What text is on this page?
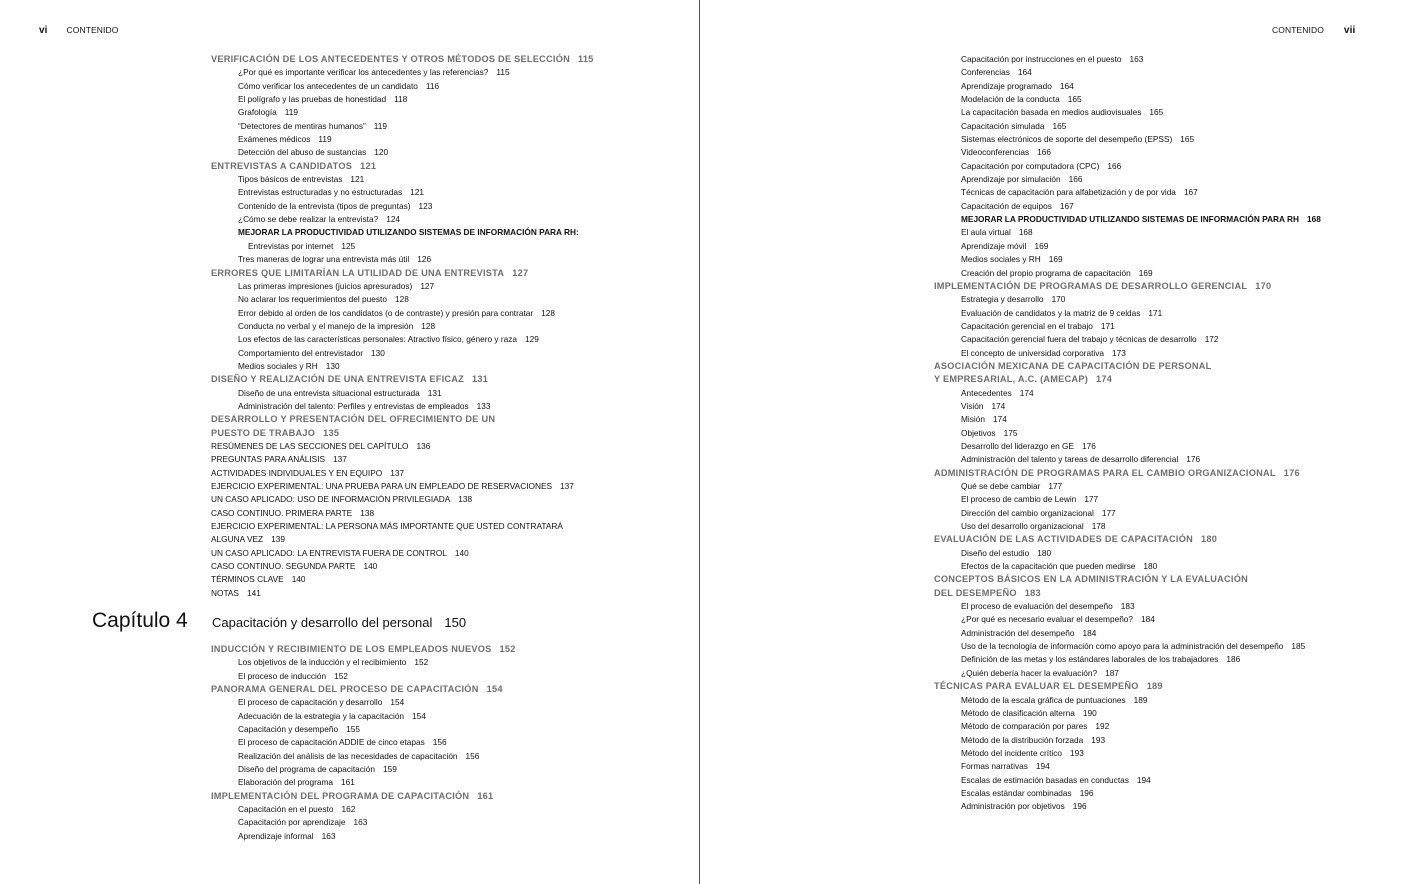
vi CONTENIDO
VERIFICACIÓN DE LOS ANTECEDENTES Y OTROS MÉTODOS DE SELECCIÓN 115
¿Por qué es importante verificar los antecedentes y las referencias? 115
Cómo verificar los antecedentes de un candidato 116
El polígrafo y las pruebas de honestidad 118
Grafología 119
“Detectores de mentiras humanos” 119
Exámenes médicos 119
Detección del abuso de sustancias 120
ENTREVISTAS A CANDIDATOS 121
Tipos básicos de entrevistas 121
Entrevistas estructuradas y no estructuradas 121
Contenido de la entrevista (tipos de preguntas) 123
¿Cómo se debe realizar la entrevista? 124
MEJORAR LA PRODUCTIVIDAD UTILIZANDO SISTEMAS DE INFORMACIÓN PARA RH:
Entrevistas por internet 125
Tres maneras de lograr una entrevista más útil 126
ERRORES QUE LIMITARÍAN LA UTILIDAD DE UNA ENTREVISTA 127
Las primeras impresiones (juicios apresurados) 127
No aclarar los requerimientos del puesto 128
Error debido al orden de los candidatos (o de contraste) y presión para contratar 128
Conducta no verbal y el manejo de la impresión 128
Los efectos de las características personales: Atractivo físico, género y raza 129
Comportamiento del entrevistador 130
Medios sociales y RH 130
DISEÑO Y REALIZACIÓN DE UNA ENTREVISTA EFICAZ 131
Diseño de una entrevista situacional estructurada 131
Administración del talento: Perfiles y entrevistas de empleados 133
DESARROLLO Y PRESENTACIÓN DEL OFRECIMIENTO DE UN
PUESTO DE TRABAJO 135
RESÚMENES DE LAS SECCIONES DEL CAPÍTULO 136
PREGUNTAS PARA ANÁLISIS 137
ACTIVIDADES INDIVIDUALES Y EN EQUIPO 137
EJERCICIO EXPERIMENTAL: UNA PRUEBA PARA UN EMPLEADO DE RESERVACIONES 137
UN CASO APLICADO: USO DE INFORMACIÓN PRIVILEGIADA 138
CASO CONTINUO. PRIMERA PARTE 138
EJERCICIO EXPERIMENTAL: LA PERSONA MÁS IMPORTANTE QUE USTED CONTRATARÁ
ALGUNA VEZ 139
UN CASO APLICADO: LA ENTREVISTA FUERA DE CONTROL 140
CASO CONTINUO. SEGUNDA PARTE 140
TÉRMINOS CLAVE 140
NOTAS 141
Capítulo 4 Capacitación y desarrollo del personal 150
INDUCCIÓN Y RECIBIMIENTO DE LOS EMPLEADOS NUEVOS 152
Los objetivos de la inducción y el recibimiento 152
El proceso de inducción 152
PANORAMA GENERAL DEL PROCESO DE CAPACITACIÓN 154
El proceso de capacitación y desarrollo 154
Adecuación de la estrategia y la capacitación 154
Capacitación y desempeño 155
El proceso de capacitación ADDIE de cinco etapas 156
Realización del análisis de las necesidades de capacitación 156
Diseño del programa de capacitación 159
Elaboración del programa 161
IMPLEMENTACIÓN DEL PROGRAMA DE CAPACITACIÓN 161
Capacitación en el puesto 162
Capacitación por aprendizaje 163
Aprendizaje informal 163
CONTENIDO vii
Capacitación por instrucciones en el puesto 163
Conferencias 164
Aprendizaje programado 164
Modelación de la conducta 165
La capacitación basada en medios audiovisuales 165
Capacitación simulada 165
Sistemas electrónicos de soporte del desempeño (EPSS) 165
Videoconferencias 166
Capacitación por computadora (CPC) 166
Aprendizaje por simulación 166
Técnicas de capacitación para alfabetización y de por vida 167
Capacitación de equipos 167
MEJORAR LA PRODUCTIVIDAD UTILIZANDO SISTEMAS DE INFORMACIÓN PARA RH 168
El aula virtual 168
Aprendizaje móvil 169
Medios sociales y RH 169
Creación del propio programa de capacitación 169
IMPLEMENTACIÓN DE PROGRAMAS DE DESARROLLO GERENCIAL 170
Estrategia y desarrollo 170
Evaluación de candidatos y la matriz de 9 celdas 171
Capacitación gerencial en el trabajo 171
Capacitación gerencial fuera del trabajo y técnicas de desarrollo 172
El concepto de universidad corporativa 173
ASOCIACIÓN MEXICANA DE CAPACITACIÓN DE PERSONAL
Y EMPRESARIAL, A.C. (AMECAP) 174
Antecedentes 174
Visión 174
Misión 174
Objetivos 175
Desarrollo del liderazgo en GE 176
Administración del talento y tareas de desarrollo diferencial 176
ADMINISTRACIÓN DE PROGRAMAS PARA EL CAMBIO ORGANIZACIONAL 176
Qué se debe cambiar 177
El proceso de cambio de Lewin 177
Dirección del cambio organizacional 177
Uso del desarrollo organizacional 178
EVALUACIÓN DE LAS ACTIVIDADES DE CAPACITACIÓN 180
Diseño del estudio 180
Efectos de la capacitación que pueden medirse 180
CONCEPTOS BÁSICOS EN LA ADMINISTRACIÓN Y LA EVALUACIÓN
DEL DESEMPEÑO 183
El proceso de evaluación del desempeño 183
¿Por qué es necesario evaluar el desempeño? 184
Administración del desempeño 184
Uso de la tecnología de información como apoyo para la administración del desempeño 185
Definición de las metas y los estándares laborales de los trabajadores 186
¿Quién debería hacer la evaluación? 187
TÉCNICAS PARA EVALUAR EL DESEMPEÑO 189
Método de la escala gráfica de puntuaciones 189
Método de clasificación alterna 190
Método de comparación por pares 192
Método de la distribución forzada 193
Método del incidente crítico 193
Formas narrativas 194
Escalas de estimación basadas en conductas 194
Escalas estándar combinadas 196
Administración por objetivos 196
